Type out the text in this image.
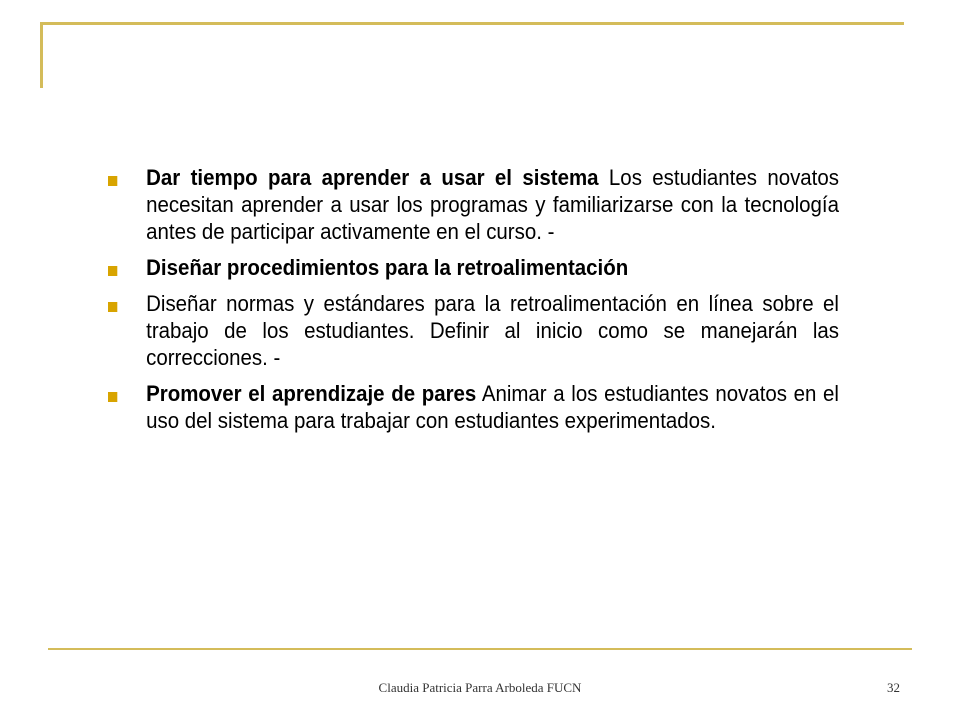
Dar tiempo para aprender a usar el sistema Los estudiantes novatos necesitan aprender a usar los programas y familiarizarse con la tecnología antes de participar activamente en el curso. -
Diseñar procedimientos para la retroalimentación
Diseñar normas y estándares para la retroalimentación en línea sobre el trabajo de los estudiantes. Definir al inicio como se manejarán las correcciones. -
Promover el aprendizaje de pares Animar a los estudiantes novatos en el uso del sistema para trabajar con estudiantes experimentados.
Claudia Patricia Parra Arboleda FUCN	32
